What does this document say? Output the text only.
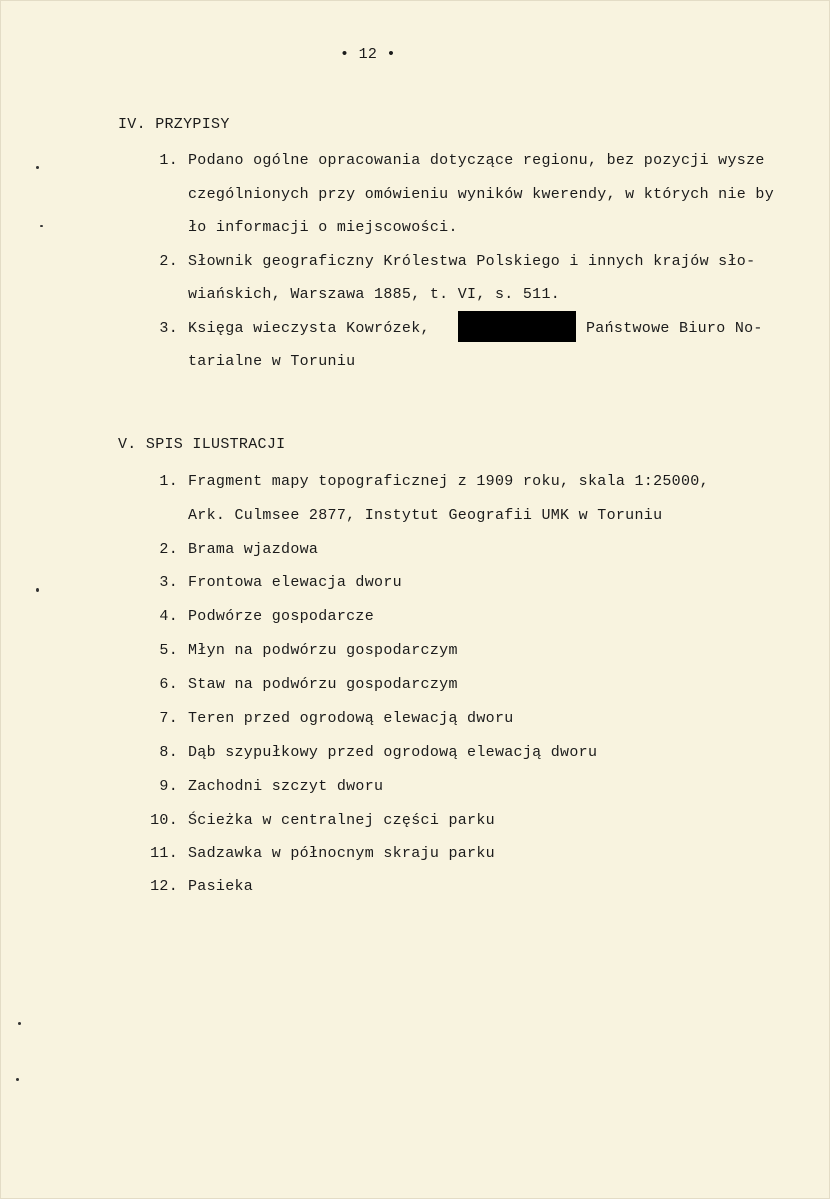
• 12 •
IV. PRZYPISY
1. Podano ogólne opracowania dotyczące regionu, bez pozycji wysze
czególnionych przy omówieniu wyników kwerendy, w których nie by
ło informacji o miejscowości.
2. Słownik geograficzny Królestwa Polskiego i innych krajów sło-
wiańskich, Warszawa 1885, t. VI, s. 511.
3. Księga wieczysta Kowrózek,	Państwowe Biuro No-
tarialne w Toruniu
V. SPIS ILUSTRACJI
1. Fragment mapy topograficznej z 1909 roku, skala 1:25000,
Ark. Culmsee 2877, Instytut Geografii UMK w Toruniu
2. Brama wjazdowa
3. Frontowa elewacja dworu
4. Podwórze gospodarcze
5. Młyn na podwórzu gospodarczym
6. Staw na podwórzu gospodarczym
7. Teren przed ogrodową elewacją dworu
8. Dąb szypułkowy przed ogrodową elewacją dworu
9. Zachodni szczyt dworu
10. Ścieżka w centralnej części parku
11. Sadzawka w północnym skraju parku
12. Pasieka
